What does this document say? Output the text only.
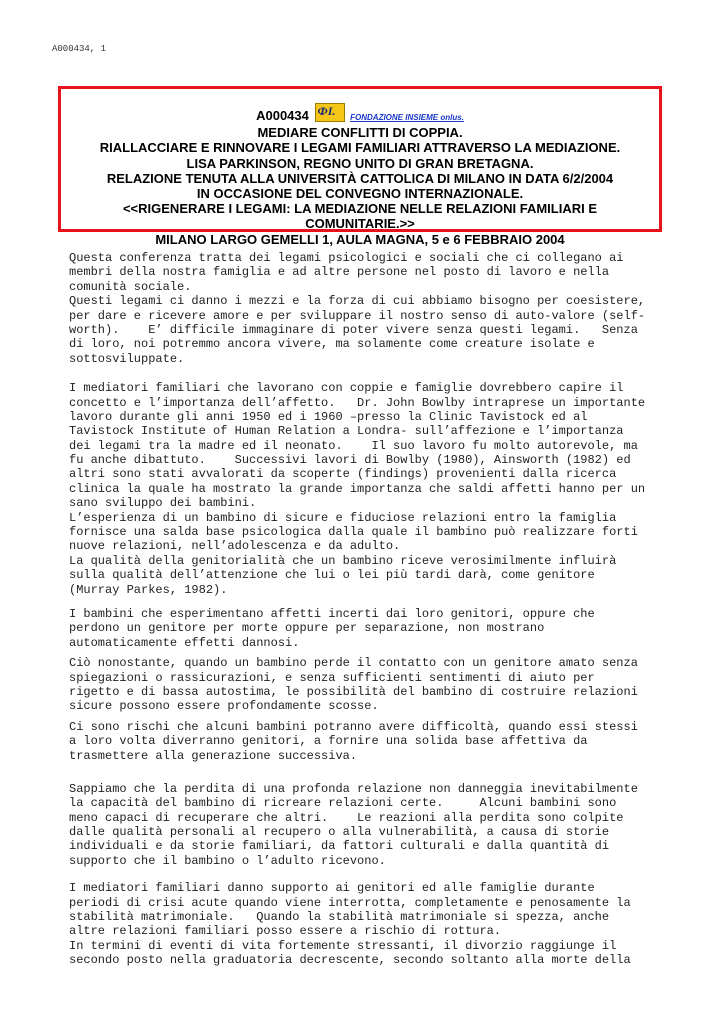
A000434, 1
A000434 ФI. FONDAZIONE INSIEME onlus.
MEDIARE CONFLITTI DI COPPIA.
RIALLACCIARE E RINNOVARE I LEGAMI FAMILIARI ATTRAVERSO LA MEDIAZIONE.
LISA PARKINSON, REGNO UNITO DI GRAN BRETAGNA.
RELAZIONE TENUTA ALLA UNIVERSITÀ CATTOLICA DI MILANO IN DATA 6/2/2004
IN OCCASIONE DEL CONVEGNO INTERNAZIONALE.
<<RIGENERARE I LEGAMI: LA MEDIAZIONE NELLE RELAZIONI FAMILIARI E
COMUNITARIE.>>
MILANO LARGO GEMELLI 1, AULA MAGNA, 5 e 6 FEBBRAIO 2004
Questa conferenza tratta dei legami psicologici e sociali che ci collegano ai
membri della nostra famiglia e ad altre persone nel posto di lavoro e nella
comunità sociale.
Questi legami ci danno i mezzi e la forza di cui abbiamo bisogno per coesistere,
per dare e ricevere amore e per sviluppare il nostro senso di auto-valore (self-
worth).    E’ difficile immaginare di poter vivere senza questi legami.   Senza
di loro, noi potremmo ancora vivere, ma solamente come creature isolate e
sottosviluppate.
I mediatori familiari che lavorano con coppie e famiglie dovrebbero capire il
concetto e l’importanza dell’affetto.   Dr. John Bowlby intraprese un importante
lavoro durante gli anni 1950 ed i 1960 –presso la Clinic Tavistock ed al
Tavistock Institute of Human Relation a Londra- sull’affezione e l’importanza
dei legami tra la madre ed il neonato.    Il suo lavoro fu molto autorevole, ma
fu anche dibattuto.    Successivi lavori di Bowlby (1980), Ainsworth (1982) ed
altri sono stati avvalorati da scoperte (findings) provenienti dalla ricerca
clinica la quale ha mostrato la grande importanza che saldi affetti hanno per un
sano sviluppo dei bambini.
L’esperienza di un bambino di sicure e fiduciose relazioni entro la famiglia
fornisce una salda base psicologica dalla quale il bambino può realizzare forti
nuove relazioni, nell’adolescenza e da adulto.
La qualità della genitorialità che un bambino riceve verosimilmente influirà
sulla qualità dell’attenzione che lui o lei più tardi darà, come genitore
(Murray Parkes, 1982).
I bambini che esperimentano affetti incerti dai loro genitori, oppure che
perdono un genitore per morte oppure per separazione, non mostrano
automaticamente effetti dannosi.
Ciò nonostante, quando un bambino perde il contatto con un genitore amato senza
spiegazioni o rassicurazioni, e senza sufficienti sentimenti di aiuto per
rigetto e di bassa autostima, le possibilità del bambino di costruire relazioni
sicure possono essere profondamente scosse.
Ci sono rischi che alcuni bambini potranno avere difficoltà, quando essi stessi
a loro volta diverranno genitori, a fornire una solida base affettiva da
trasmettere alla generazione successiva.
Sappiamo che la perdita di una profonda relazione non danneggia inevitabilmente
la capacità del bambino di ricreare relazioni certe.     Alcuni bambini sono
meno capaci di recuperare che altri.    Le reazioni alla perdita sono colpite
dalle qualità personali al recupero o alla vulnerabilità, a causa di storie
individuali e da storie familiari, da fattori culturali e dalla quantità di
supporto che il bambino o l’adulto ricevono.
I mediatori familiari danno supporto ai genitori ed alle famiglie durante
periodi di crisi acute quando viene interrotta, completamente e penosamente la
stabilità matrimoniale.   Quando la stabilità matrimoniale si spezza, anche
altre relazioni familiari posso essere a rischio di rottura.
In termini di eventi di vita fortemente stressanti, il divorzio raggiunge il
secondo posto nella graduatoria decrescente, secondo soltanto alla morte della
